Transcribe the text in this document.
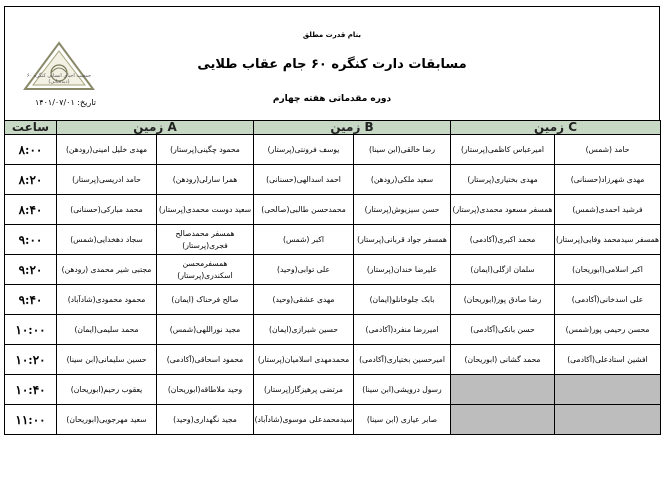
جمعیت احیای انسانی کنگره ۶۰ (دیده‌بانی)
بنام قدرت مطلق
مسابقات دارت کنگره ۶۰ جام عقاب طلایی
دوره مقدماتی هفته چهارم
تاریخ: ۱۴۰۱/۰۷/۰۱
ساعت	زمین A		زمین B		زمین C	
۸:۰۰	مهدی خلیل امینی(رودهن)	محمود چگینی(پرستار)	یوسف فرونتی(پرستار)	رضا خالقی(ابن سینا)	امیرعباس کاظمی(پرستار)	حامد (شمس)
۸:۲۰	حامد ادریسی(پرستار)	همرا سارلی(رودهن)	احمد اسدالهی(حسنانی)	سعید ملکی(رودهن)	مهدی بختیاری(پرستار)	مهدی شهرزاد(حسنانی)
۸:۴۰	محمد مبارکی(حسنانی)	سعید دوست محمدی(پرستار)	محمدحسن طالبی(صالحی)	حسن سیزیوش(پرستار)	همسفر مسعود محمدی(پرستار)	فرشید احمدی(شمس)
۹:۰۰	سجاد دهخدایی(شمس)	همسفر محمدصالح فجری(پرستار)	اکبر (شمس)	همسفر جواد قربانی(پرستار)	محمد اکبری(آکادمی)	همسفر سیدمحمد وفایی(پرستار)
۹:۲۰	مجتبی شیر محمدی (رودهن)	همسفرمحسن اسکندری(پرستار)	علی توابی(وحید)	علیرضا خندان(پرستار)	سلمان ازگلی(ایمان)	اکبر اسلامی(ابوریحان)
۹:۴۰	محمود محمودی(شادآباد)	صالح فرحناک (ایمان)	مهدی عشقی(وحید)	بابک جلوخانلو(ایمان)	رضا صادق پور(ابوریحان)	علی اسدخانی(آکادمی)
۱۰:۰۰	محمد سلیمی(ایمان)	مجید نوراللهی(شمس)	حسین شیرازی(ایمان)	امیررضا منفرد(آکادمی)	حسن بانکی(آکادمی)	محسن رحیمی پور(شمس)
۱۰:۲۰	حسین سلیمانی(ابن سینا)	محمود اسحاقی(آکادمی)	محمدمهدی اسلامیان(پرستار)	امیرحسین بختیاری(آکادمی)	محمد گشانی (ابوریحان)	افشین استادعلی(آکادمی)
۱۰:۴۰	یعقوب رحیم(ابوریحان)	وحید ملاطاقه(ابوریحان)	مرتضی پرهیزگار(پرستار)	رسول درویشی(ابن سینا)		
۱۱:۰۰	سعید مهرجویی(ابوریحان)	مجید نگهداری(وحید)	سیدمحمدعلی موسوی(شادآباد)	صابر عیاری (ابن سینا)		
